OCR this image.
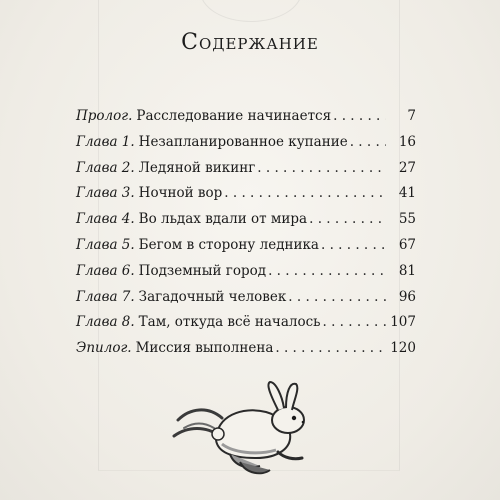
Содержание
Пролог. Расследование начинается . . .	7
Глава 1. Незапланированное купание . . .	16
Глава 2. Ледяной викинг . . .	27
Глава 3. Ночной вор . . .	41
Глава 4. Во льдах вдали от мира . . .	55
Глава 5. Бегом в сторону ледника . . .	67
Глава 6. Подземный город . . .	81
Глава 7. Загадочный человек . . .	96
Глава 8. Там, откуда всё началось . . .	107
Эпилог. Миссия выполнена . . .	120
